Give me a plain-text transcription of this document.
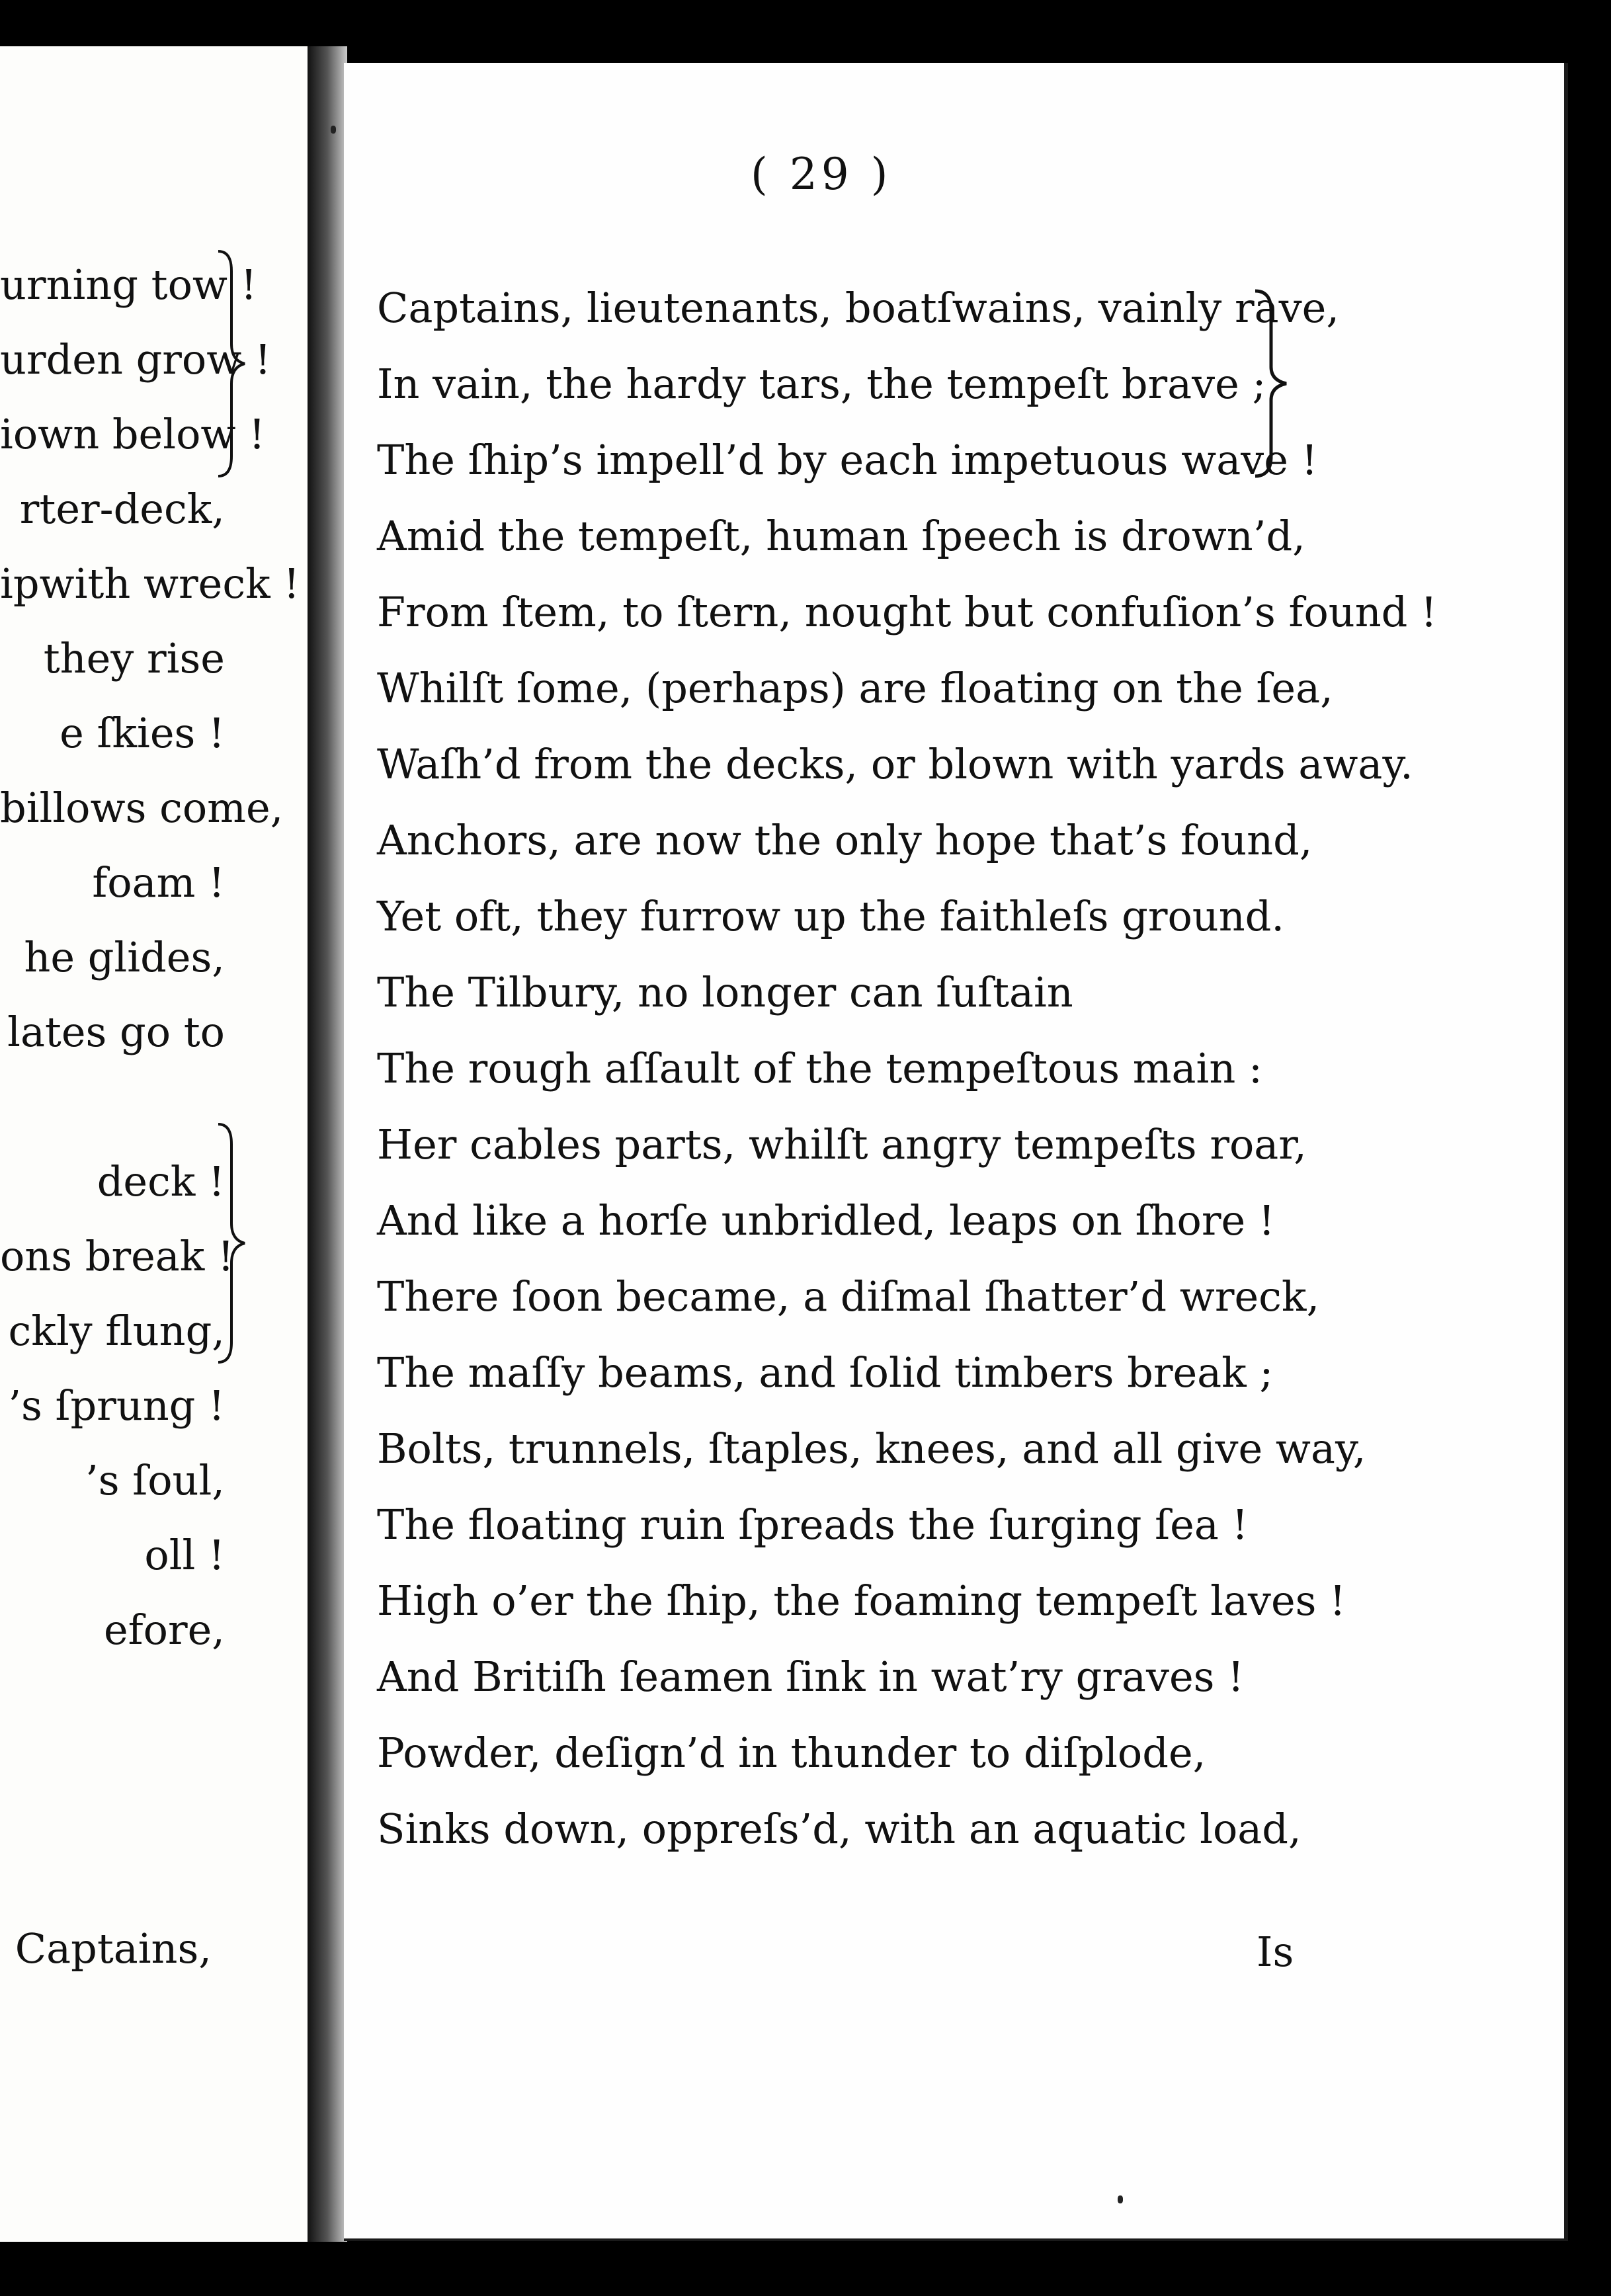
urning tow !
urden grow !
iown below !
rter-deck,
ipwith wreck !
they rise
e ſkies !
billows come,
foam !
he glides,
lates go to
deck !
ons break !
ckly flung,
’s ſprung !
’s ſoul,
oll !
efore,
Captains,
( 29 )
Captains, lieutenants, boatſwains, vainly rave,
In vain, the hardy tars, the tempeſt brave ;
The ſhip’s impell’d by each impetuous wave !
Amid the tempeſt, human ſpeech is drown’d,
From ſtem, to ſtern, nought but confuſion’s found !
Whilſt ſome, (perhaps) are floating on the ſea,
Waſh’d from the decks, or blown with yards away.
Anchors, are now the only hope that’s found,
Yet oft, they furrow up the faithleſs ground.
The Tilbury, no longer can ſuſtain
The rough aſſault of the tempeſtous main :
Her cables parts, whilſt angry tempeſts roar,
And like a horſe unbridled, leaps on ſhore !
There ſoon became, a diſmal ſhatter’d wreck,
The maſſy beams, and ſolid timbers break ;
Bolts, trunnels, ſtaples, knees, and all give way,
The floating ruin ſpreads the ſurging ſea !
High o’er the ſhip, the foaming tempeſt laves !
And Britiſh ſeamen ſink in wat’ry graves !
Powder, deſign’d in thunder to diſplode,
Sinks down, oppreſs’d, with an aquatic load,
Is
